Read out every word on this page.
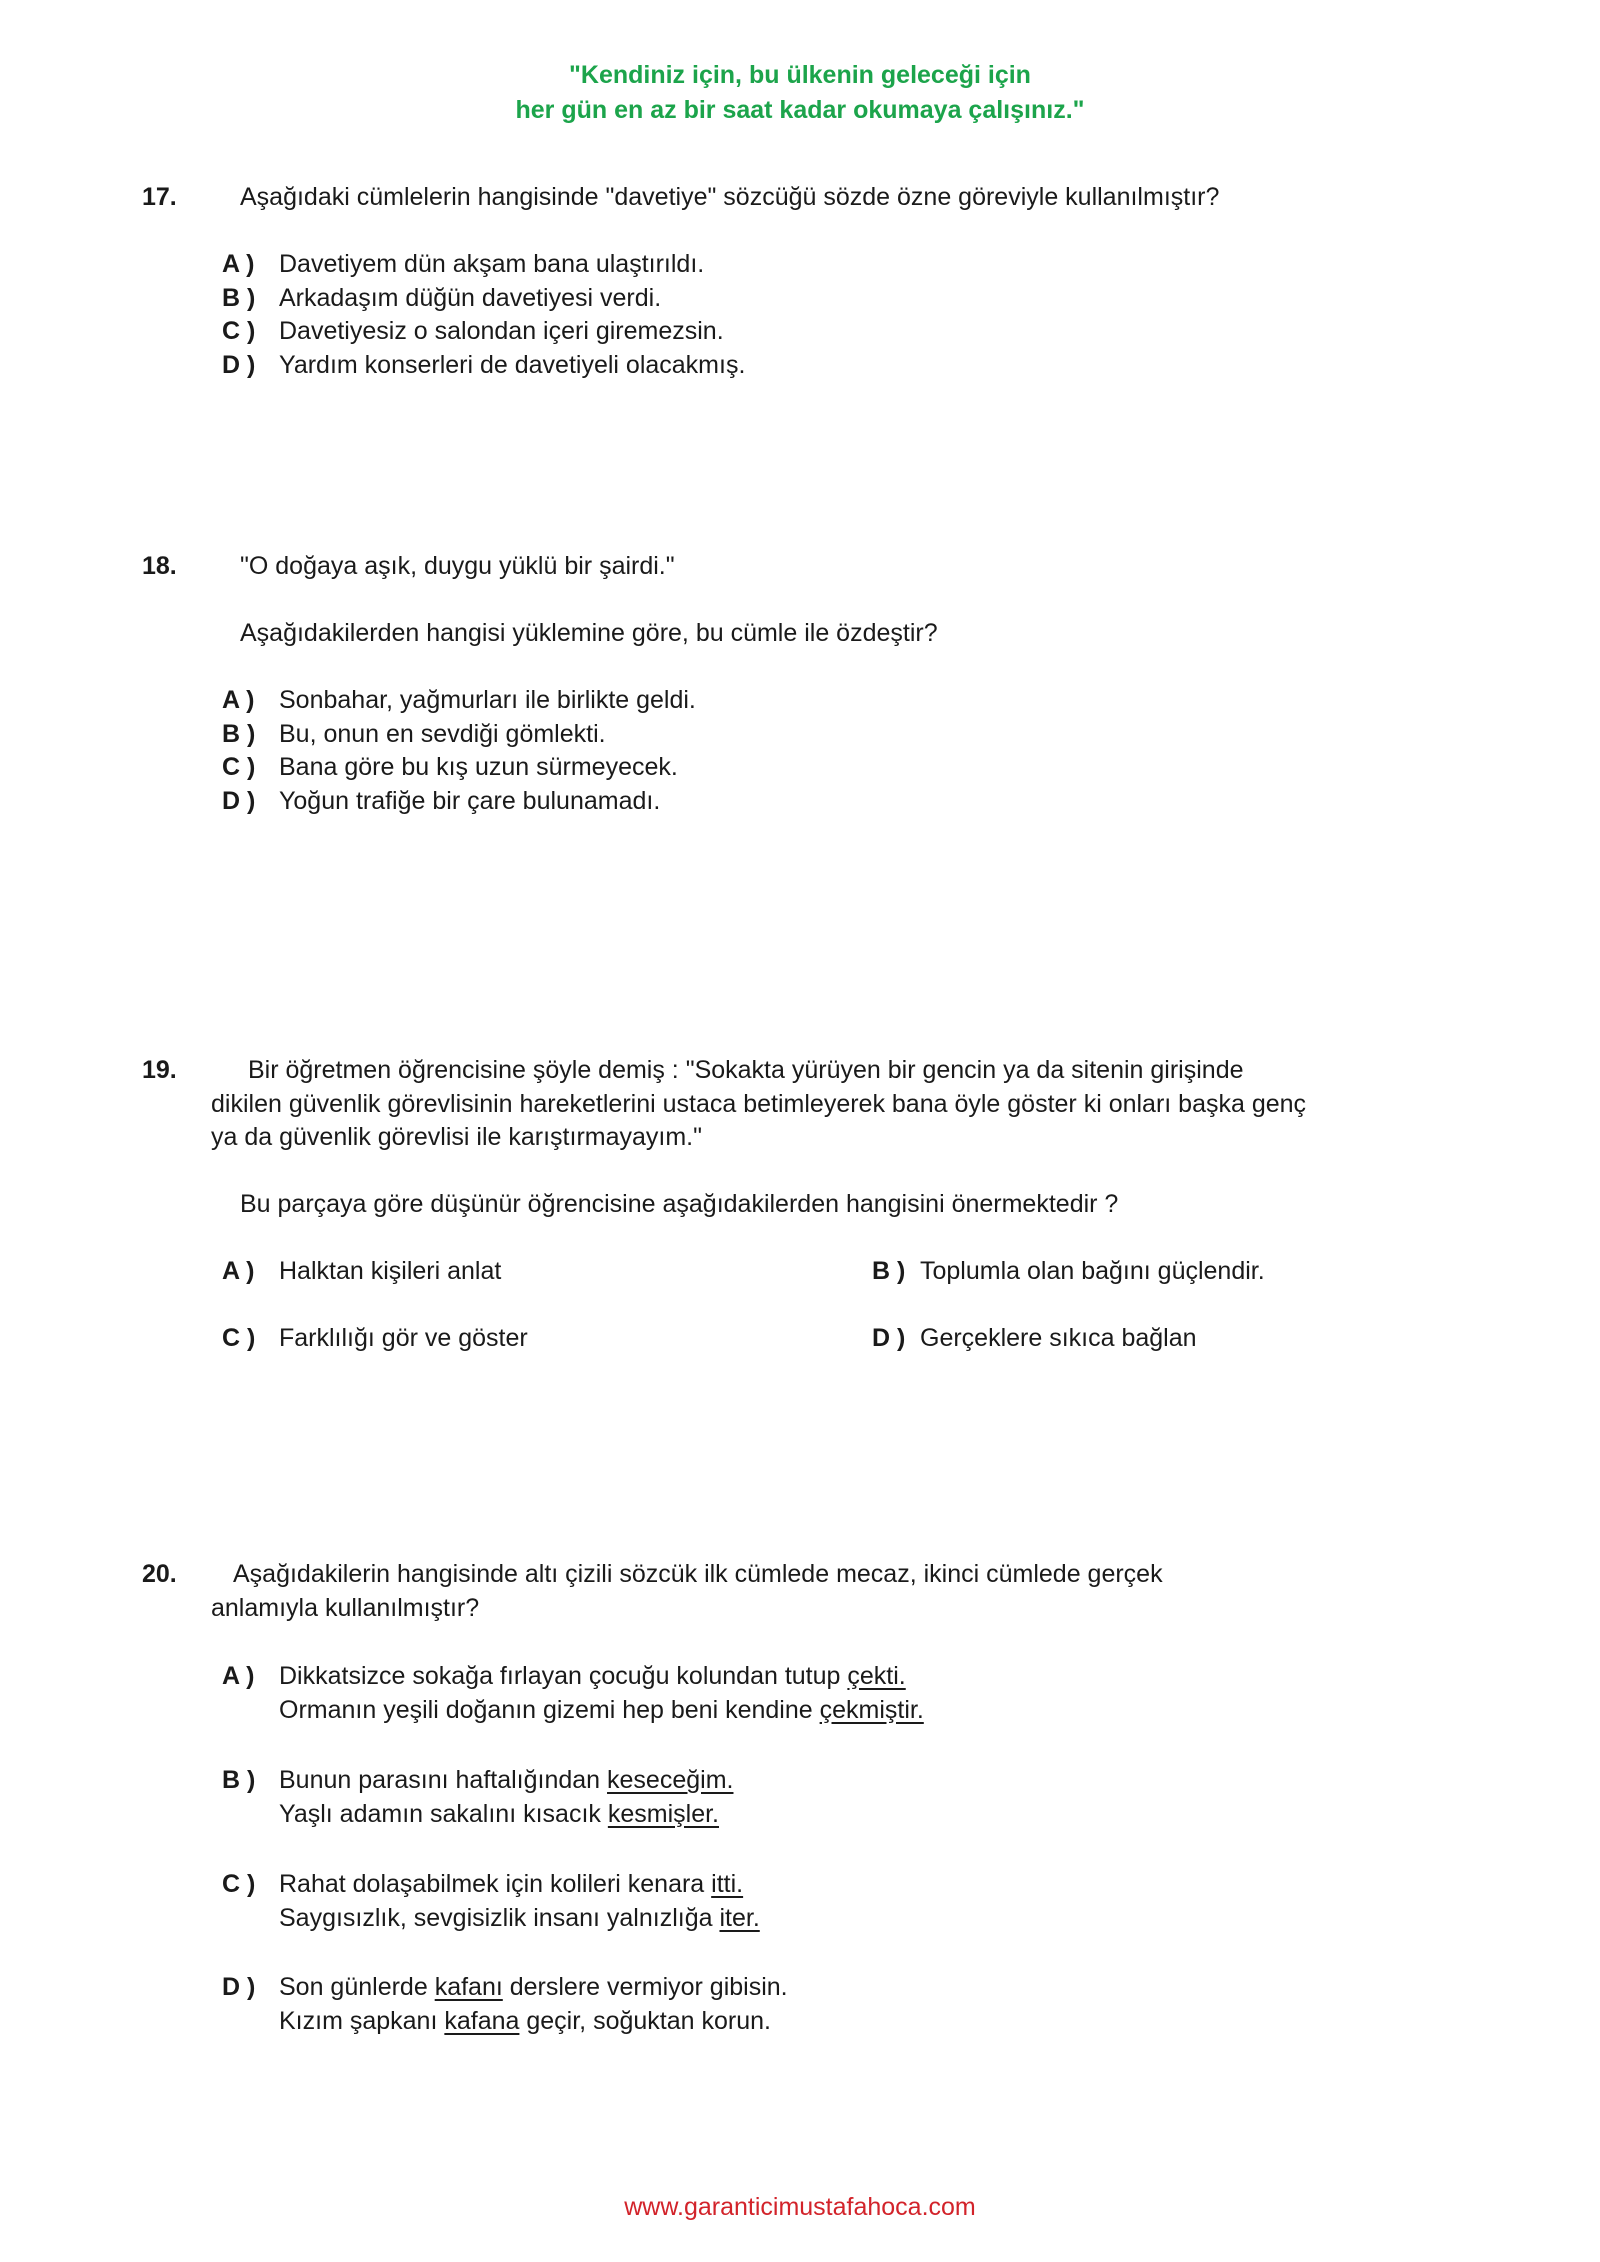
"Kendiniz için, bu ülkenin geleceği için
her gün en az bir saat kadar okumaya çalışınız."
17.	Aşağıdaki cümlelerin hangisinde "davetiye" sözcüğü sözde özne göreviyle kullanılmıştır?
A ) Davetiyem dün akşam bana ulaştırıldı.
B ) Arkadaşım düğün davetiyesi verdi.
C ) Davetiyesiz o salondan içeri giremezsin.
D ) Yardım konserleri de davetiyeli olacakmış.
18.	"O doğaya aşık, duygu yüklü bir şairdi."
Aşağıdakilerden hangisi yüklemine göre, bu cümle ile özdeştir?
A ) Sonbahar, yağmurları ile birlikte geldi.
B ) Bu, onun en sevdiği gömlekti.
C ) Bana göre bu kış uzun sürmeyecek.
D ) Yoğun trafiğe bir çare bulunamadı.
19.	Bir öğretmen öğrencisine şöyle demiş : "Sokakta yürüyen bir gencin ya da sitenin girişinde
dikilen güvenlik görevlisinin hareketlerini ustaca betimleyerek bana öyle göster ki onları başka genç
ya da güvenlik görevlisi ile karıştırmayayım."
Bu parçaya göre düşünür öğrencisine aşağıdakilerden hangisini önermektedir ?
A ) Halktan kişileri anlat	B ) Toplumla olan bağını güçlendir.
C ) Farklılığı gör ve göster	D ) Gerçeklere sıkıca bağlan
20. Aşağıdakilerin hangisinde altı çizili sözcük ilk cümlede mecaz, ikinci cümlede gerçek
anlamıyla kullanılmıştır?
A ) Dikkatsizce sokağa fırlayan çocuğu kolundan tutup çekti.
Ormanın yeşili doğanın gizemi hep beni kendine çekmiştir.
B ) Bunun parasını haftalığından keseceğim.
Yaşlı adamın sakalını kısacık kesmişler.
C ) Rahat dolaşabilmek için kolileri kenara itti.
Saygısızlık, sevgisizlik insanı yalnızlığa iter.
D ) Son günlerde kafanı derslere vermiyor gibisin.
Kızım şapkanı kafana geçir, soğuktan korun.
www.garanticimustafahoca.com
